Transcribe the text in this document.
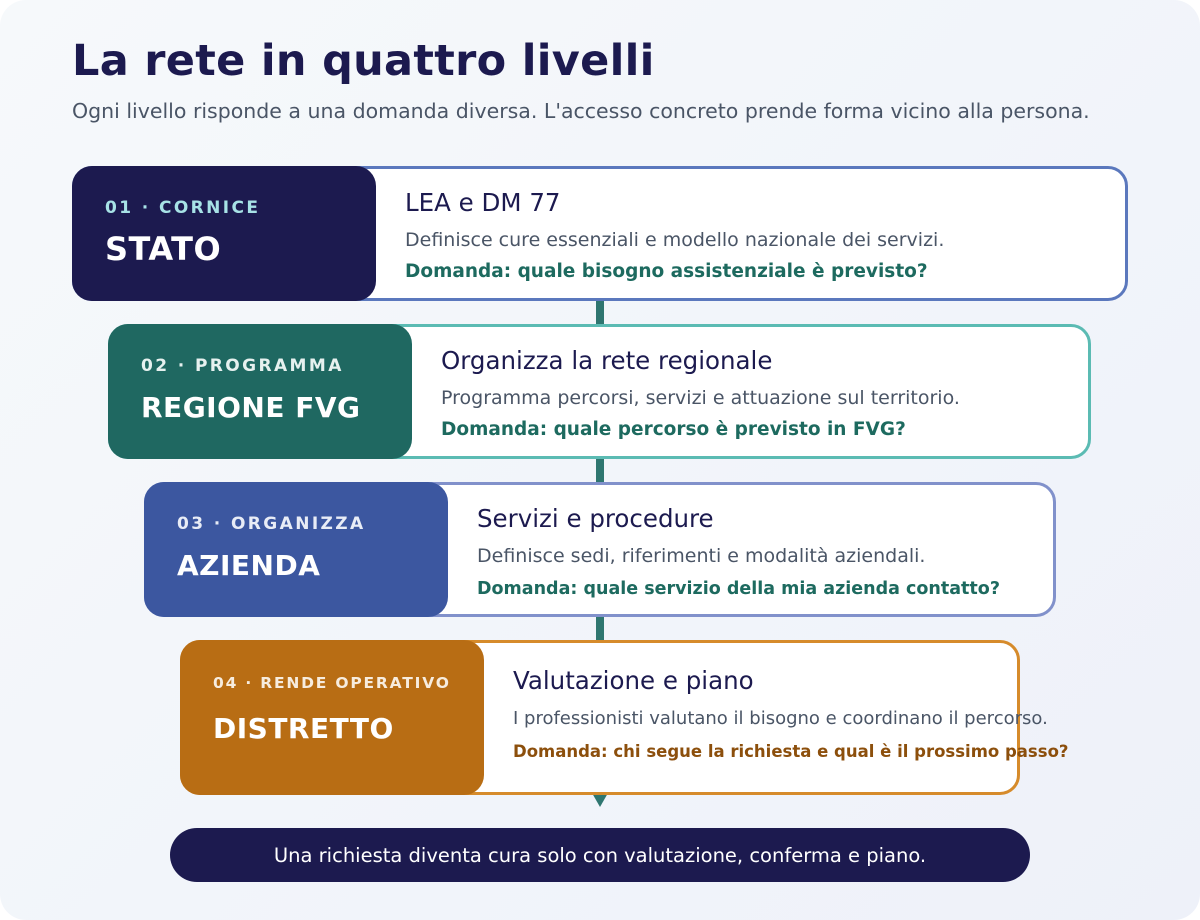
La rete in quattro livelli
Ogni livello risponde a una domanda diversa. L'accesso concreto prende forma vicino alla persona.
01 · CORNICE
STATO
LEA e DM 77
Definisce cure essenziali e modello nazionale dei servizi.
Domanda: quale bisogno assistenziale è previsto?
02 · PROGRAMMA
REGIONE FVG
Organizza la rete regionale
Programma percorsi, servizi e attuazione sul territorio.
Domanda: quale percorso è previsto in FVG?
03 · ORGANIZZA
AZIENDA
Servizi e procedure
Definisce sedi, riferimenti e modalità aziendali.
Domanda: quale servizio della mia azienda contatto?
04 · RENDE OPERATIVO
DISTRETTO
Valutazione e piano
I professionisti valutano il bisogno e coordinano il percorso.
Domanda: chi segue la richiesta e qual è il prossimo passo?
Una richiesta diventa cura solo con valutazione, conferma e piano.
